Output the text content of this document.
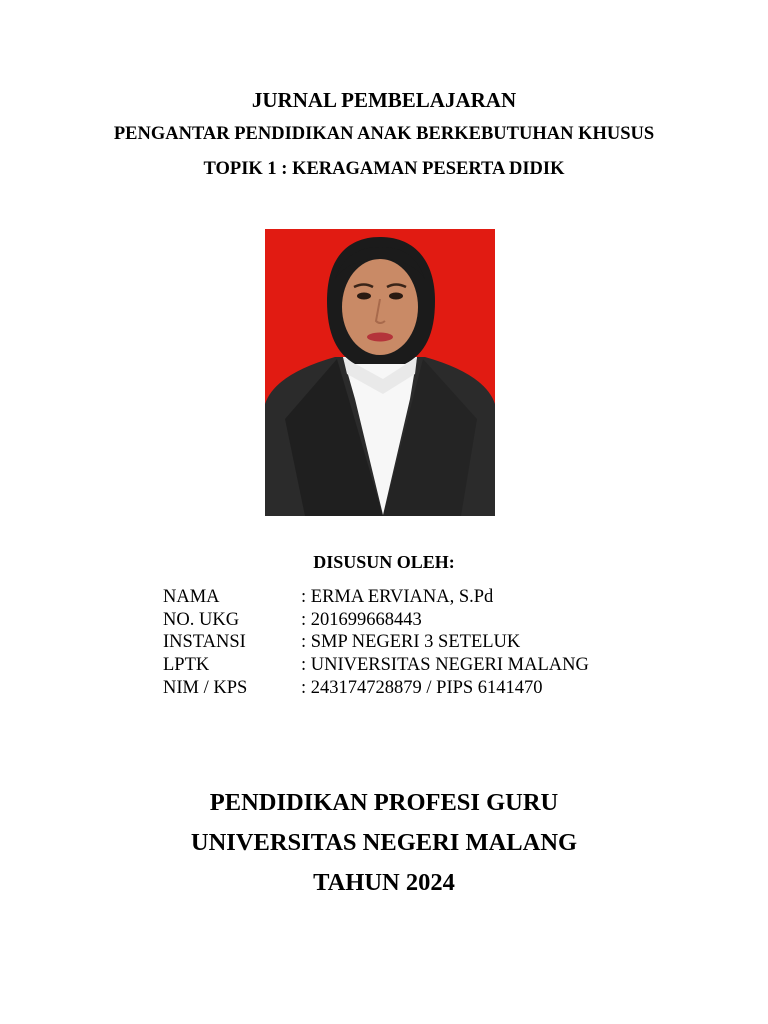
JURNAL PEMBELAJARAN
PENGANTAR PENDIDIKAN ANAK BERKEBUTUHAN KHUSUS
TOPIK 1 : KERAGAMAN PESERTA DIDIK
DISUSUN OLEH:
NAMA	: ERMA ERVIANA, S.Pd
NO. UKG	: 201699668443
INSTANSI	: SMP NEGERI 3 SETELUK
LPTK	: UNIVERSITAS NEGERI MALANG
NIM / KPS	: 243174728879 / PIPS 6141470
PENDIDIKAN PROFESI GURU
UNIVERSITAS NEGERI MALANG
TAHUN 2024
